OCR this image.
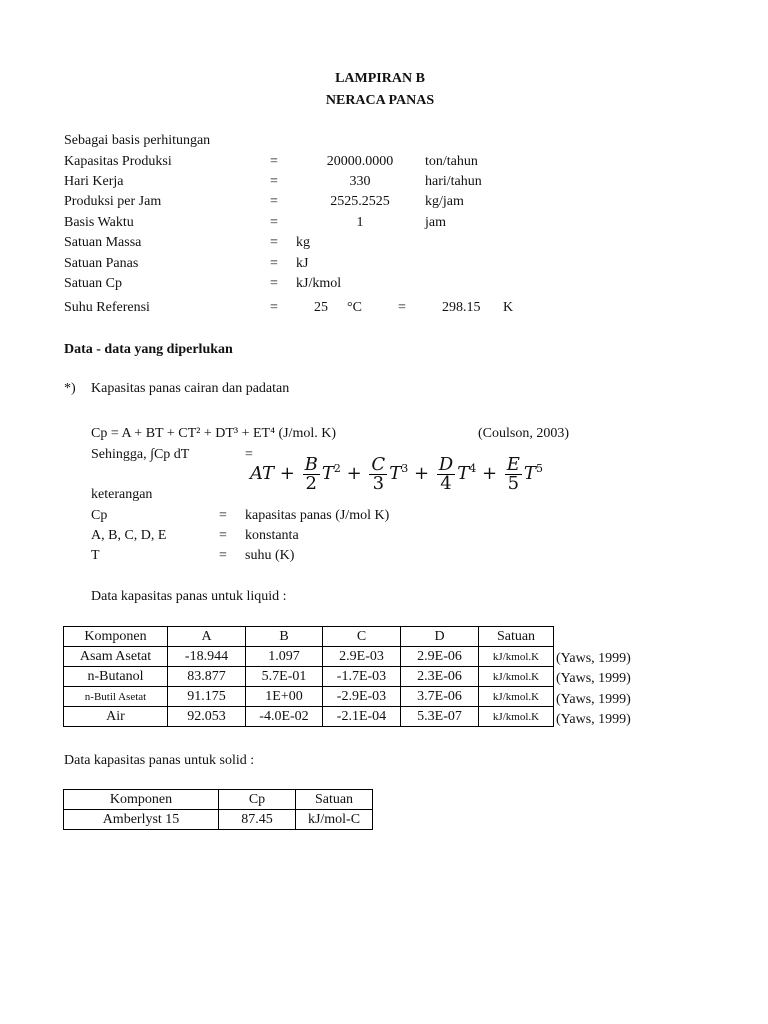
LAMPIRAN B
NERACA PANAS
Sebagai basis perhitungan
Kapasitas Produksi	=	20000.0000	ton/tahun
Hari Kerja	=	330	hari/tahun
Produksi per Jam	=	2525.2525	kg/jam
Basis Waktu	=	1	jam
Satuan Massa	= kg
Satuan Panas	= kJ
Satuan Cp	= kJ/kmol
Suhu Referensi	=	25 °C	=	298.15 K
Data - data yang diperlukan
*) Kapasitas panas cairan dan padatan
Cp = A + BT + CT² + DT³ + ET⁴ (J/mol. K)	(Coulson, 2003)
Sehingga, ∫Cp dT	=
AT + $\frac{B}{2} T^2 + \frac{C}{3} T^3 + \frac{D}{4} T^4 + \frac{E}{5} T^5$
keterangan
Cp	= kapasitas panas (J/mol K)
A, B, C, D, E	= konstanta
T	= suhu (K)
Data kapasitas panas untuk liquid :
Komponen	A	B	C	D	Satuan
Asam Asetat	-18.944	1.097	2.9E-03	2.9E-06	kJ/kmol.K
n-Butanol	83.877	5.7E-01	-1.7E-03	2.3E-06	kJ/kmol.K
n-Butil Asetat	91.175	1E+00	-2.9E-03	3.7E-06	kJ/kmol.K
Air	92.053	-4.0E-02	-2.1E-04	5.3E-07	kJ/kmol.K
(Yaws, 1999)
(Yaws, 1999)
(Yaws, 1999)
(Yaws, 1999)
Data kapasitas panas untuk solid :
Komponen	Cp	Satuan
Amberlyst 15	87.45	kJ/mol-C
